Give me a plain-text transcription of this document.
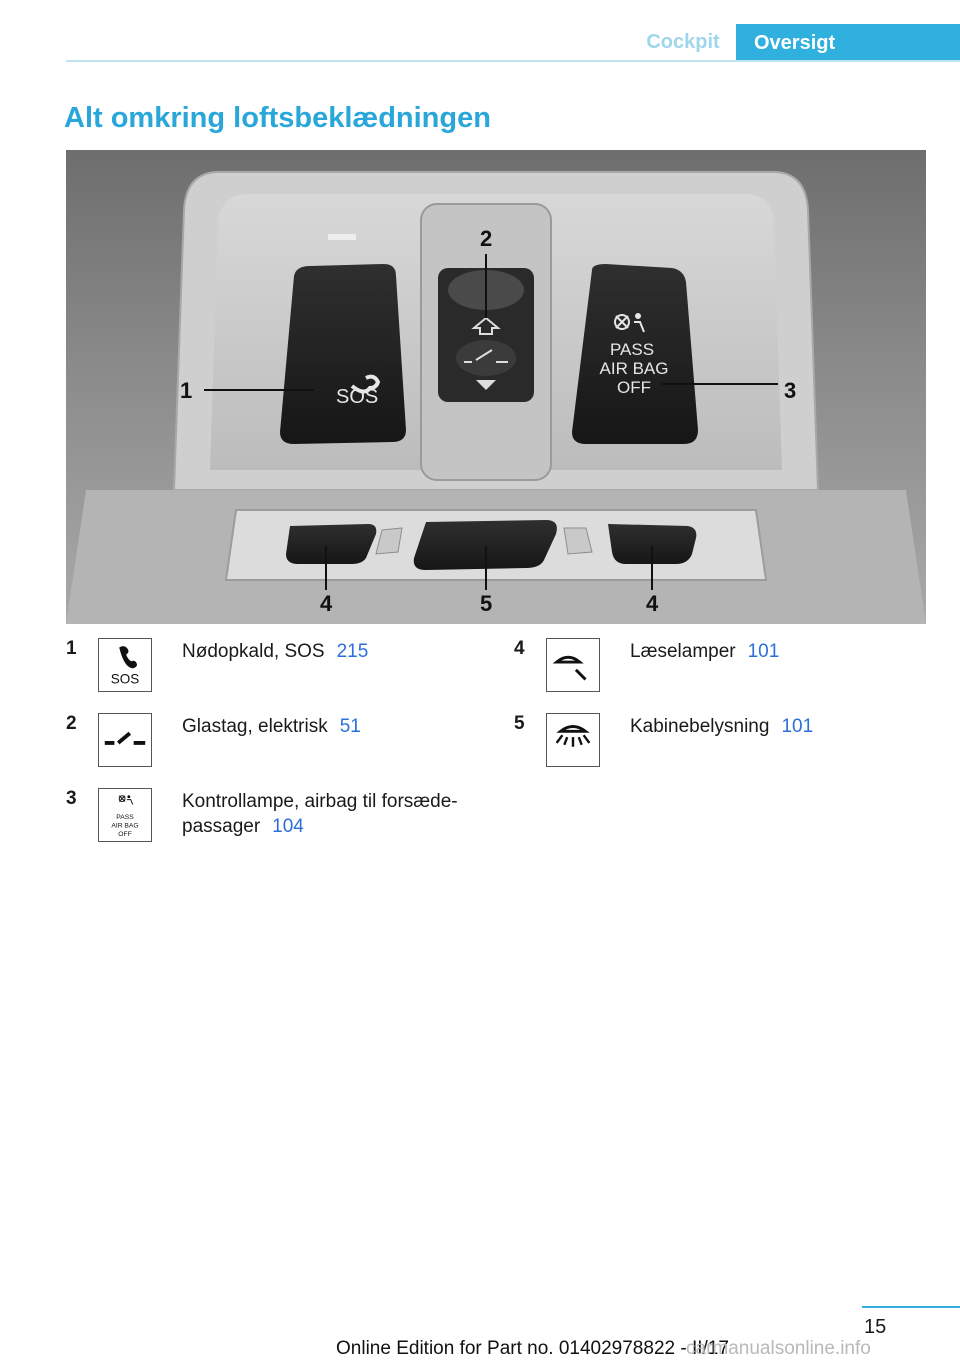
Cockpit	Oversigt
Alt omkring loftsbeklædningen
SOS
PASS
AIR BAG
OFF
1
2
3
4	5	4
1
SOS
Nødopkald, SOS 215
2	Glastag, elektrisk 51
3
PASS
AIR BAG
OFF
Kontrollampe, airbag til forsæde‐
passager 104
4	Læselamper 101
5	Kabinebelysning 101
15
Online Edition for Part no. 01402978822 - II/17
carmanualsonline.info
